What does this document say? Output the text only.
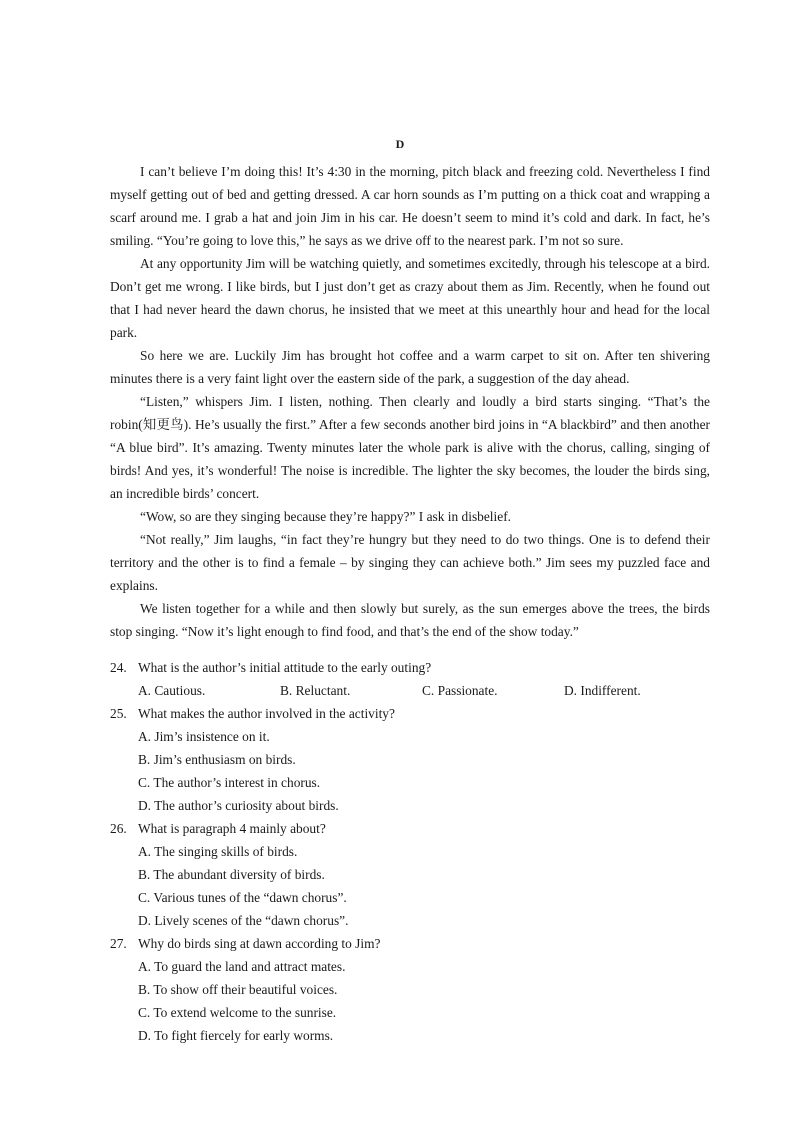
D

I can’t believe I’m doing this! It’s 4:30 in the morning, pitch black and freezing cold. Nevertheless I find myself getting out of bed and getting dressed. A car horn sounds as I’m putting on a thick coat and wrapping a scarf around me. I grab a hat and join Jim in his car. He doesn’t seem to mind it’s cold and dark. In fact, he’s smiling. “You’re going to love this,” he says as we drive off to the nearest park. I’m not so sure.

At any opportunity Jim will be watching quietly, and sometimes excitedly, through his telescope at a bird. Don’t get me wrong. I like birds, but I just don’t get as crazy about them as Jim. Recently, when he found out that I had never heard the dawn chorus, he insisted that we meet at this unearthly hour and head for the local park.

So here we are. Luckily Jim has brought hot coffee and a warm carpet to sit on. After ten shivering minutes there is a very faint light over the eastern side of the park, a suggestion of the day ahead.

“Listen,” whispers Jim. I listen, nothing. Then clearly and loudly a bird starts singing. “That’s the robin(知更鸟). He’s usually the first.” After a few seconds another bird joins in “A blackbird” and then another “A blue bird”. It’s amazing. Twenty minutes later the whole park is alive with the chorus, calling, singing of birds! And yes, it’s wonderful! The noise is incredible. The lighter the sky becomes, the louder the birds sing, an incredible birds’ concert.

“Wow, so are they singing because they’re happy?” I ask in disbelief.

“Not really,” Jim laughs, “in fact they’re hungry but they need to do two things. One is to defend their territory and the other is to find a female – by singing they can achieve both.” Jim sees my puzzled face and explains.

We listen together for a while and then slowly but surely, as the sun emerges above the trees, the birds stop singing. “Now it’s light enough to find food, and that’s the end of the show today.”

24. What is the author’s initial attitude to the early outing?

A. Cautious.	B. Reluctant.	C. Passionate.	D. Indifferent.

25. What makes the author involved in the activity?

A. Jim’s insistence on it.

B. Jim’s enthusiasm on birds.

C. The author’s interest in chorus.

D. The author’s curiosity about birds.

26. What is paragraph 4 mainly about?

A. The singing skills of birds.

B. The abundant diversity of birds.

C. Various tunes of the “dawn chorus”.

D. Lively scenes of the “dawn chorus”.

27. Why do birds sing at dawn according to Jim?

A. To guard the land and attract mates.

B. To show off their beautiful voices.

C. To extend welcome to the sunrise.

D. To fight fiercely for early worms.
